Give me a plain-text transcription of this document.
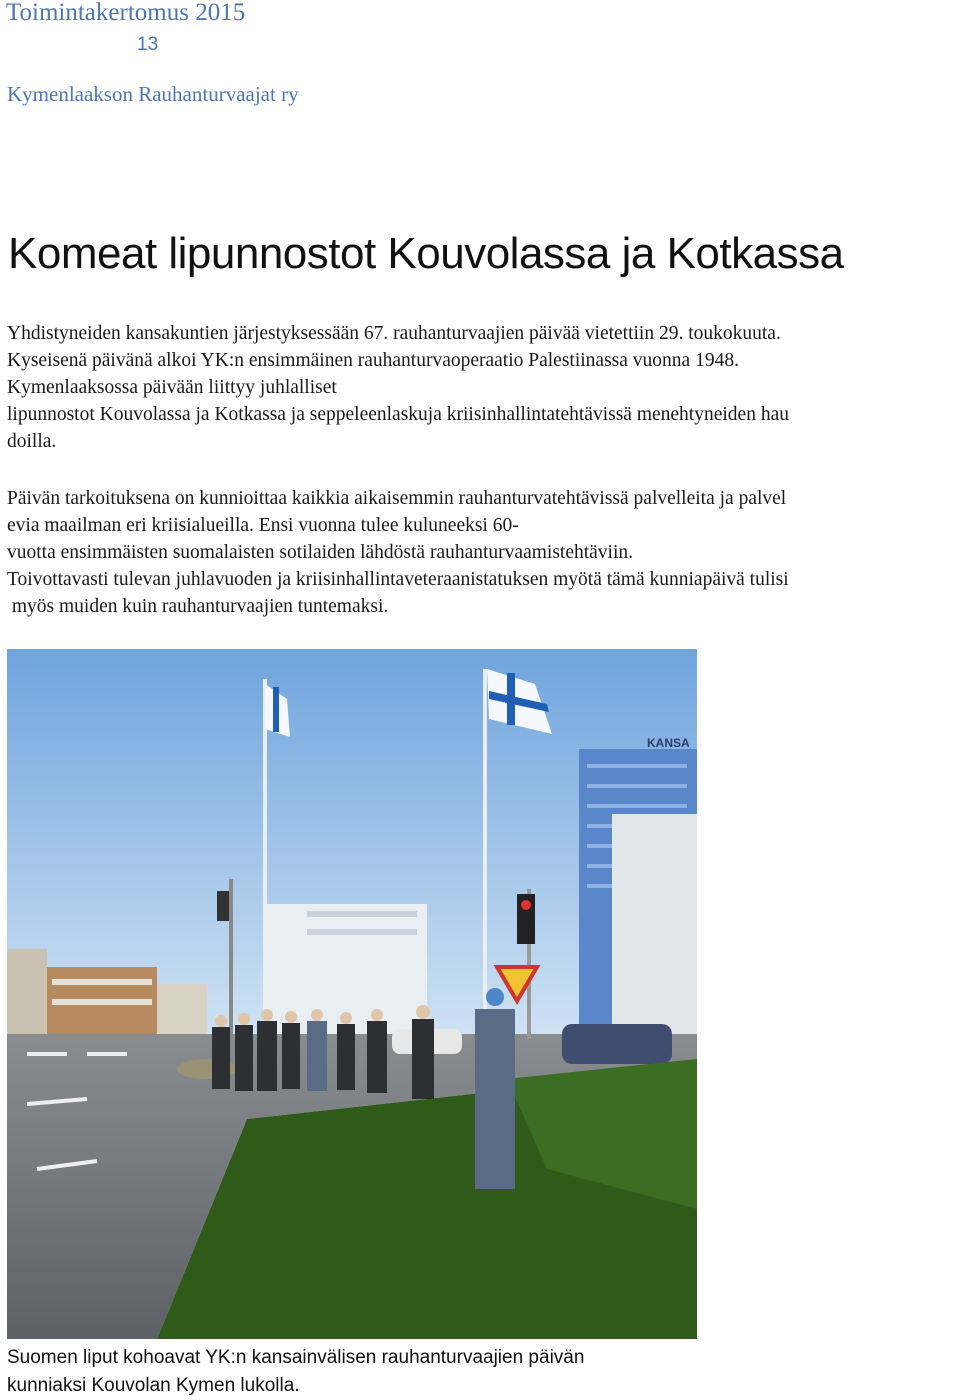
Toimintakertomus 2015
13
Kymenlaakson Rauhanturvaajat ry
Komeat lipunnostot Kouvolassa ja Kotkassa

Yhdistyneiden kansakuntien järjestyksessään 67. rauhanturvaajien päivää vietettiin 29. toukokuuta.
Kyseisenä päivänä alkoi YK:n ensimmäinen rauhanturvaoperaatio Palestiinassa vuonna 1948.
Kymenlaaksossa päivään liittyy juhlalliset
lipunnostot Kouvolassa ja Kotkassa ja seppeleenlaskuja kriisinhallintatehtävissä menehtyneiden hau
doilla.

Päivän tarkoituksena on kunnioittaa kaikkia aikaisemmin rauhanturvatehtävissä palvelleita ja palvel
evia maailman eri kriisialueilla. Ensi vuonna tulee kuluneeksi 60-
vuotta ensimmäisten suomalaisten sotilaiden lähdöstä rauhanturvaamistehtäviin.
Toivottavasti tulevan juhlavuoden ja kriisinhallintaveteraanistatuksen myötä tämä kunniapäivä tulisi
myös muiden kuin rauhanturvaajien tuntemaksi.

KANSA

Suomen liput kohoavat YK:n kansainvälisen rauhanturvaajien päivän
kunniaksi Kouvolan Kymen lukolla.
